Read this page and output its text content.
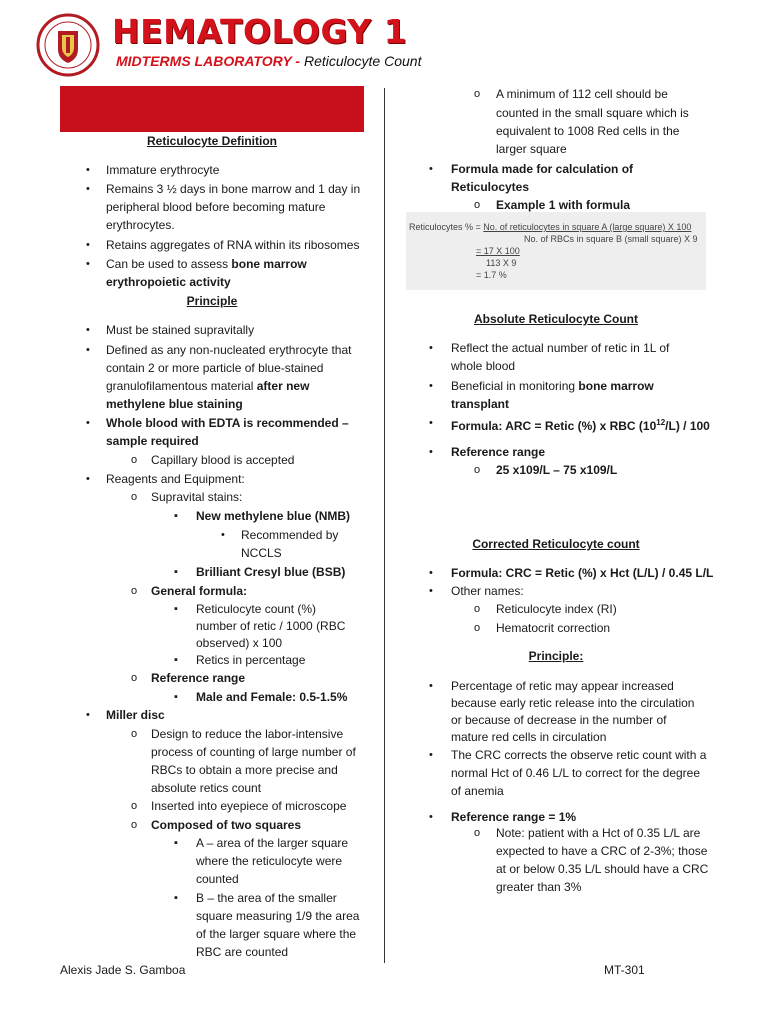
HEMATOLOGY 1
MIDTERMS LABORATORY - Reticulocyte Count
Reticulocyte Definition
• Immature erythrocyte
• Remains 3 ½ days in bone marrow and 1 day in
peripheral blood before becoming mature
erythrocytes.
• Retains aggregates of RNA within its ribosomes
• Can be used to assess bone marrow
erythropoietic activity
Principle
• Must be stained supravitally
• Defined as any non-nucleated erythrocyte that
contain 2 or more particle of blue-stained
granulofilamentous material after new
methylene blue staining
• Whole blood with EDTA is recommended –
sample required
o Capillary blood is accepted
• Reagents and Equipment:
o Supravital stains:
▪ New methylene blue (NMB)
• Recommended by
NCCLS
▪ Brilliant Cresyl blue (BSB)
o General formula:
▪ Reticulocyte count (%)
number of retic / 1000 (RBC
observed) x 100
▪ Retics in percentage
o Reference range
▪ Male and Female: 0.5-1.5%
• Miller disc
o Design to reduce the labor-intensive
process of counting of large number of
RBCs to obtain a more precise and
absolute retics count
o Inserted into eyepiece of microscope
o Composed of two squares
▪ A – area of the larger square
where the reticulocyte were
counted
▪ B – the area of the smaller
square measuring 1/9 the area
of the larger square where the
RBC are counted
o A minimum of 112 cell should be
counted in the small square which is
equivalent to 1008 Red cells in the
larger square
• Formula made for calculation of
Reticulocytes
o Example 1 with formula
Reticulocytes % = No. of reticulocytes in square A (large square) X 100
No. of RBCs in square B (small square) X 9
= 17 X 100
113 X 9
= 1.7 %
Absolute Reticulocyte Count
• Reflect the actual number of retic in 1L of
whole blood
• Beneficial in monitoring bone marrow
transplant
• Formula: ARC = Retic (%) x RBC $(10^{12}/L) / 100$
• Reference range
o 25 x109/L – 75 x109/L
Corrected Reticulocyte count
• Formula: CRC = Retic (%) x Hct (L/L) / 0.45 L/L
• Other names:
o Reticulocyte index (RI)
o Hematocrit correction
Principle:
• Percentage of retic may appear increased
because early retic release into the circulation
or because of decrease in the number of
mature red cells in circulation
• The CRC corrects the observe retic count with a
normal Hct of 0.46 L/L to correct for the degree
of anemia
• Reference range = 1%
o Note: patient with a Hct of 0.35 L/L are
expected to have a CRC of 2-3%; those
at or below 0.35 L/L should have a CRC
greater than 3%
Alexis Jade S. Gamboa	MT-301
